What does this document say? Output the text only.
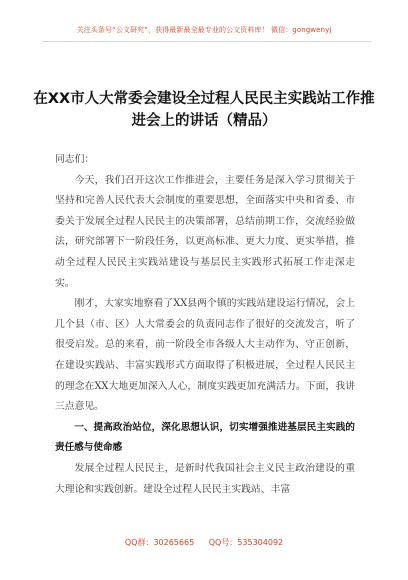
关注头条号“公文研究”，获得最新最全最专业的公文资料库！ 微信：gongwenyj
在XX市人大常委会建设全过程人民民主实践站工作推进会上的讲话（精品）

同志们：

今天，我们召开这次工作推进会，主要任务是深入学习贯彻关于坚持和完善人民代表大会制度的重要思想，全面落实中央和省委、市委关于发展全过程人民民主的决策部署，总结前期工作，交流经验做法，研究部署下一阶段任务，以更高标准、更大力度、更实举措，推动全过程人民民主实践站建设与基层民主实践形式拓展工作走深走实。

刚才，大家实地察看了XX县两个镇的实践站建设运行情况，会上几个县（市、区）人大常委会的负责同志作了很好的交流发言，听了很受启发。总的来看，前一阶段全市各级人大主动作为、守正创新，在建设实践站、丰富实践形式方面取得了积极进展，全过程人民民主的理念在XX大地更加深入人心，制度实践更加充满活力。下面，我讲三点意见。

一、提高政治站位，深化思想认识，切实增强推进基层民主实践的责任感与使命感

发展全过程人民民主，是新时代我国社会主义民主政治建设的重大理论和实践创新。建设全过程人民民主实践站、丰富

QQ群：30265665 QQ号：535304092
